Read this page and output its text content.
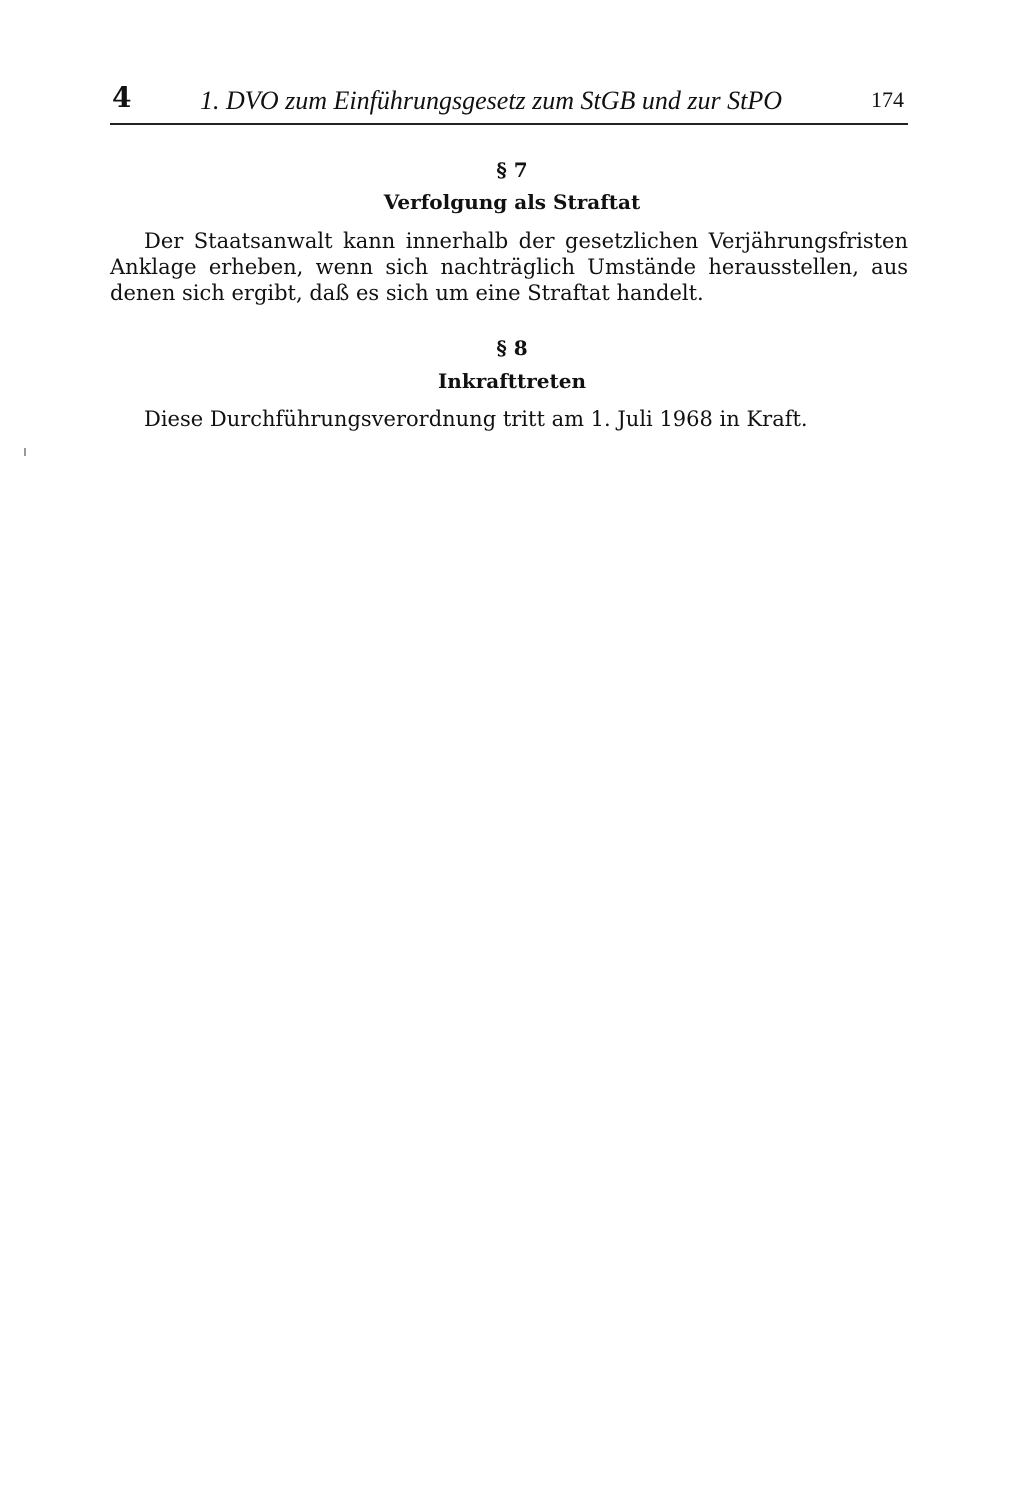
4	1. DVO zum Einführungsgesetz zum StGB und zur StPO	174
§ 7
Verfolgung als Straftat
Der Staatsanwalt kann innerhalb der gesetzlichen Verjährungsfristen
Anklage erheben, wenn sich nachträglich Umstände herausstellen, aus
denen sich ergibt, daß es sich um eine Straftat handelt.
§ 8
Inkrafttreten
Diese Durchführungsverordnung tritt am 1. Juli 1968 in Kraft.
